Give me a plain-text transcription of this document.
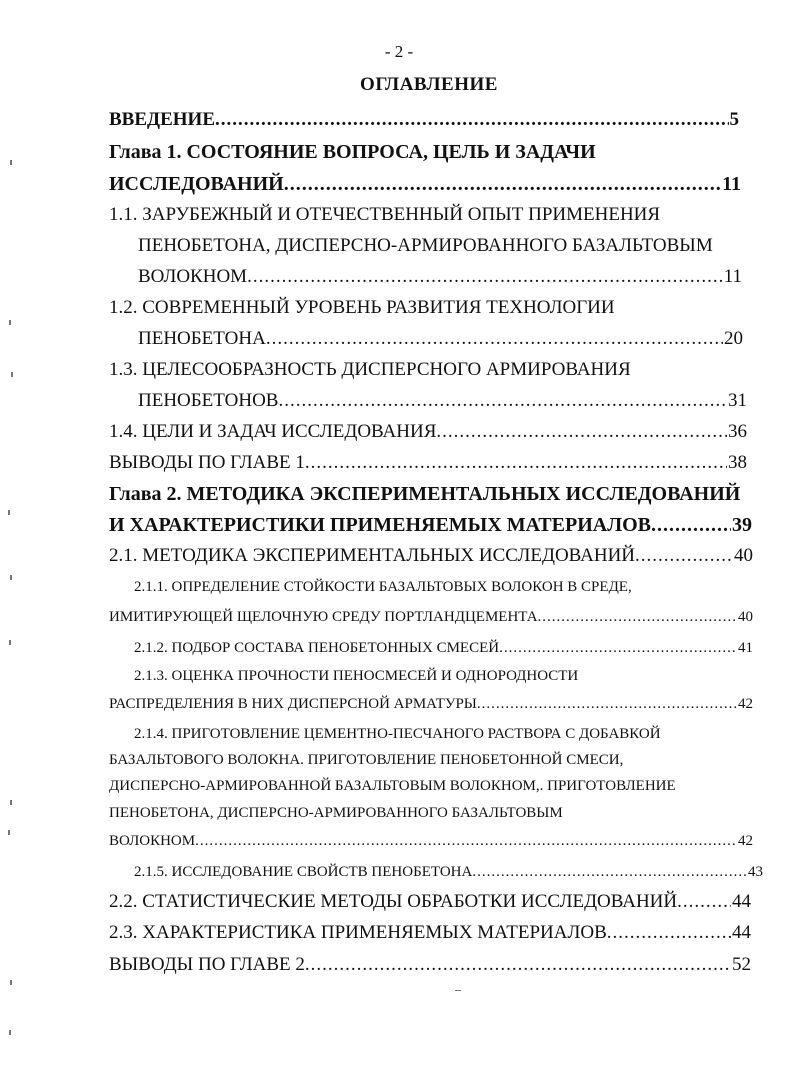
- 2 -
ОГЛАВЛЕНИЕ
ВВЕДЕНИЕ .....	5
Глава 1. СОСТОЯНИЕ ВОПРОСА, ЦЕЛЬ И ЗАДАЧИ
ИССЛЕДОВАНИЙ .....	11
1.1. ЗАРУБЕЖНЫЙ И ОТЕЧЕСТВЕННЫЙ ОПЫТ ПРИМЕНЕНИЯ
ПЕНОБЕТОНА, ДИСПЕРСНО-АРМИРОВАННОГО БАЗАЛЬТОВЫМ
ВОЛОКНОМ .....	11
1.2. СОВРЕМЕННЫЙ УРОВЕНЬ РАЗВИТИЯ ТЕХНОЛОГИИ
ПЕНОБЕТОНА .....	20
1.3. ЦЕЛЕСООБРАЗНОСТЬ ДИСПЕРСНОГО АРМИРОВАНИЯ
ПЕНОБЕТОНОВ .....	31
1.4. ЦЕЛИ И ЗАДАЧ ИССЛЕДОВАНИЯ .....	36
ВЫВОДЫ ПО ГЛАВЕ 1 .....	38
Глава 2. МЕТОДИКА ЭКСПЕРИМЕНТАЛЬНЫХ ИССЛЕДОВАНИЙ
И ХАРАКТЕРИСТИКИ ПРИМЕНЯЕМЫХ МАТЕРИАЛОВ .....	39
2.1. МЕТОДИКА ЭКСПЕРИМЕНТАЛЬНЫХ ИССЛЕДОВАНИЙ .....	40
2.1.1. ОПРЕДЕЛЕНИЕ СТОЙКОСТИ БАЗАЛЬТОВЫХ ВОЛОКОН В СРЕДЕ,
ИМИТИРУЮЩЕЙ ЩЕЛОЧНУЮ СРЕДУ ПОРТЛАНДЦЕМЕНТА .....	40
2.1.2. ПОДБОР СОСТАВА ПЕНОБЕТОННЫХ СМЕСЕЙ .....	41
2.1.3. ОЦЕНКА ПРОЧНОСТИ ПЕНОСМЕСЕЙ И ОДНОРОДНОСТИ
РАСПРЕДЕЛЕНИЯ В НИХ ДИСПЕРСНОЙ АРМАТУРЫ .....	42
2.1.4. ПРИГОТОВЛЕНИЕ ЦЕМЕНТНО-ПЕСЧАНОГО РАСТВОРА С ДОБАВКОЙ
БАЗАЛЬТОВОГО ВОЛОКНА. ПРИГОТОВЛЕНИЕ ПЕНОБЕТОННОЙ СМЕСИ,
ДИСПЕРСНО-АРМИРОВАННОЙ БАЗАЛЬТОВЫМ ВОЛОКНОМ,. ПРИГОТОВЛЕНИЕ
ПЕНОБЕТОНА, ДИСПЕРСНО-АРМИРОВАННОГО БАЗАЛЬТОВЫМ
ВОЛОКНОМ .....	42
2.1.5. ИССЛЕДОВАНИЕ СВОЙСТВ ПЕНОБЕТОНА .....	43
2.2. СТАТИСТИЧЕСКИЕ МЕТОДЫ ОБРАБОТКИ ИССЛЕДОВАНИЙ .....	44
2.3. ХАРАКТЕРИСТИКА ПРИМЕНЯЕМЫХ МАТЕРИАЛОВ .....	44
ВЫВОДЫ ПО ГЛАВЕ 2 .....	52
